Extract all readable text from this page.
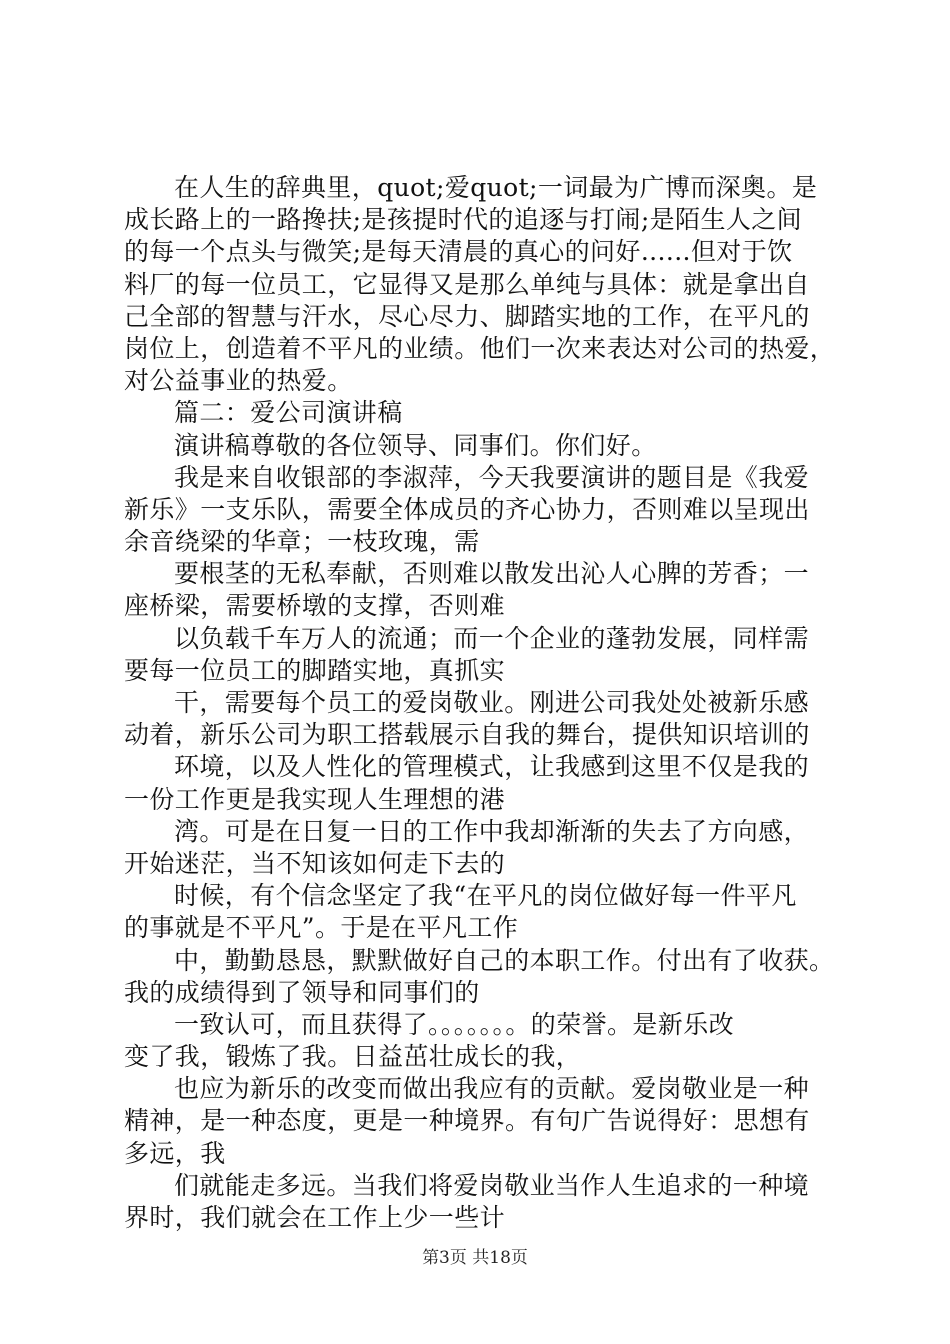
在人生的辞典里，quot;爱quot;一词最为广博而深奥。是
成长路上的一路搀扶;是孩提时代的追逐与打闹;是陌生人之间
的每一个点头与微笑;是每天清晨的真心的问好......但对于饮
料厂的每一位员工，它显得又是那么单纯与具体：就是拿出自
己全部的智慧与汗水，尽心尽力、脚踏实地的工作，在平凡的
岗位上，创造着不平凡的业绩。他们一次来表达对公司的热爱，
对公益事业的热爱。
篇二：爱公司演讲稿
演讲稿尊敬的各位领导、同事们。你们好。
我是来自收银部的李淑萍，今天我要演讲的题目是《我爱
新乐》一支乐队，需要全体成员的齐心协力，否则难以呈现出
余音绕梁的华章；一枝玫瑰，需
要根茎的无私奉献，否则难以散发出沁人心脾的芳香；一
座桥梁，需要桥墩的支撑，否则难
以负载千车万人的流通；而一个企业的蓬勃发展，同样需
要每一位员工的脚踏实地，真抓实
干，需要每个员工的爱岗敬业。刚进公司我处处被新乐感
动着，新乐公司为职工搭载展示自我的舞台，提供知识培训的
环境，以及人性化的管理模式，让我感到这里不仅是我的
一份工作更是我实现人生理想的港
湾。可是在日复一日的工作中我却渐渐的失去了方向感，
开始迷茫，当不知该如何走下去的
时候，有个信念坚定了我“在平凡的岗位做好每一件平凡
的事就是不平凡”。于是在平凡工作
中，勤勤恳恳，默默做好自己的本职工作。付出有了收获。
我的成绩得到了领导和同事们的
一致认可，而且获得了。。。。。。。的荣誉。是新乐改
变了我，锻炼了我。日益茁壮成长的我，
也应为新乐的改变而做出我应有的贡献。爱岗敬业是一种
精神，是一种态度，更是一种境界。有句广告说得好：思想有
多远，我
们就能走多远。当我们将爱岗敬业当作人生追求的一种境
界时，我们就会在工作上少一些计
第3页 共18页
